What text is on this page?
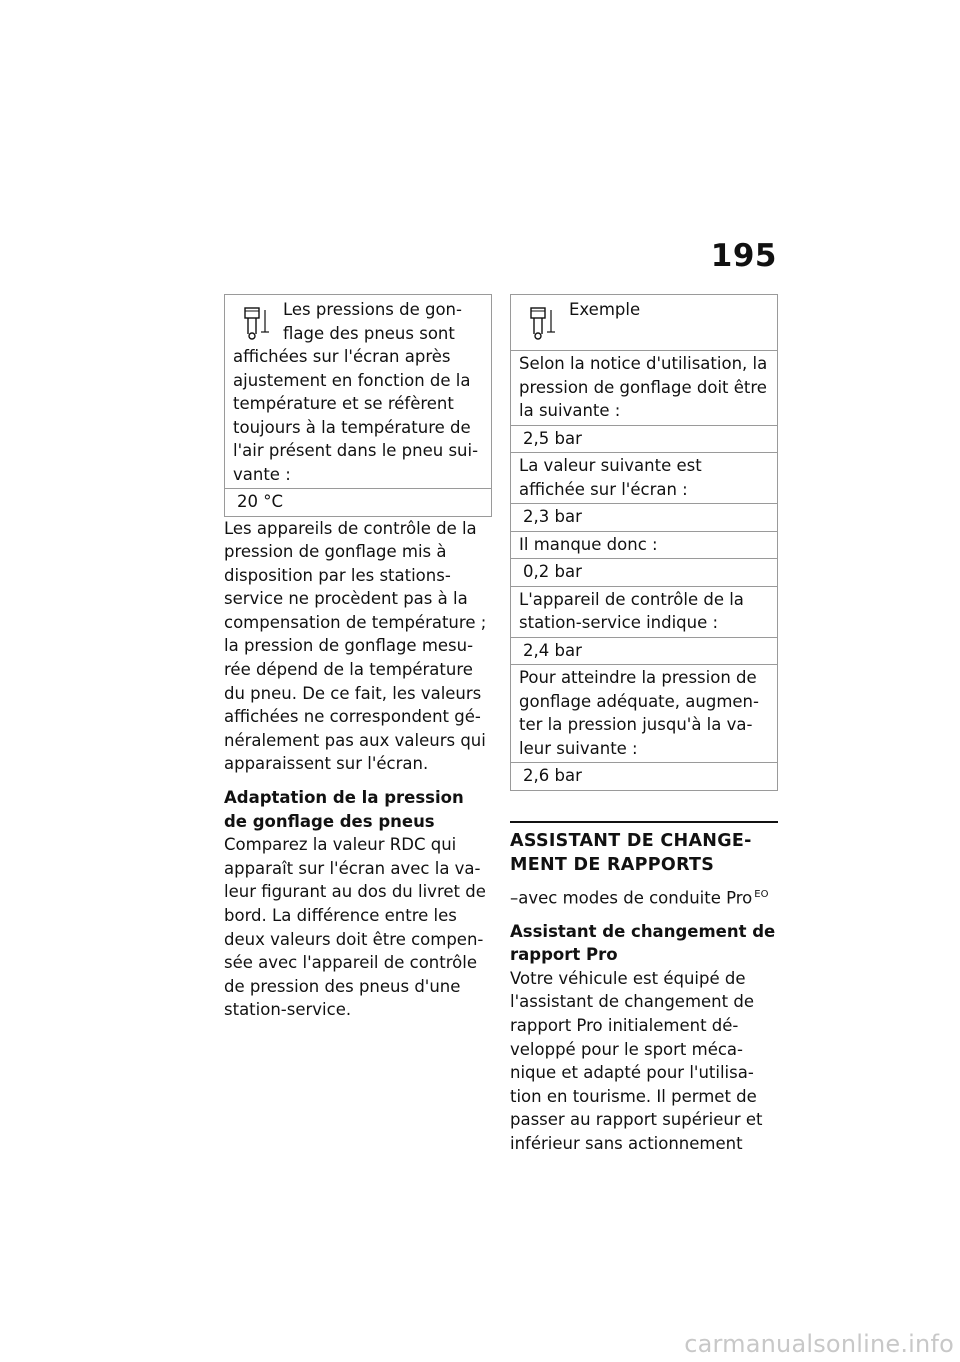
195
Les pressions de gon-flage des pneus sont affichées sur l'écran après ajustement en fonction de la température et se réfèrent toujours à la température de l'air présent dans le pneu sui-vante :
20 °C

Les appareils de contrôle de la pression de gonflage mis à disposition par les stations-service ne procèdent pas à la compensation de température ; la pression de gonflage mesu-rée dépend de la température du pneu. De ce fait, les valeurs affichées ne correspondent gé-néralement pas aux valeurs qui apparaissent sur l'écran.

Adaptation de la pression de gonflage des pneus

Comparez la valeur RDC qui apparaît sur l'écran avec la va-leur figurant au dos du livret de bord. La différence entre les deux valeurs doit être compen-sée avec l'appareil de contrôle de pression des pneus d'une station-service.

Exemple
Selon la notice d'utilisation, la pression de gonflage doit être la suivante :
2,5 bar
La valeur suivante est affichée sur l'écran :
2,3 bar
Il manque donc :
0,2 bar
L'appareil de contrôle de la station-service indique :
2,4 bar
Pour atteindre la pression de gonflage adéquate, augmen-ter la pression jusqu'à la va-leur suivante :
2,6 bar
ASSISTANT DE CHANGE-MENT DE RAPPORTS
–avec modes de conduite Pro $^{EO}$

Assistant de changement de rapport Pro

Votre véhicule est équipé de l'assistant de changement de rapport Pro initialement dé-veloppé pour le sport méca-nique et adapté pour l'utilisa-tion en tourisme. Il permet de passer au rapport supérieur et inférieur sans actionnement

carmanualsonline.info
